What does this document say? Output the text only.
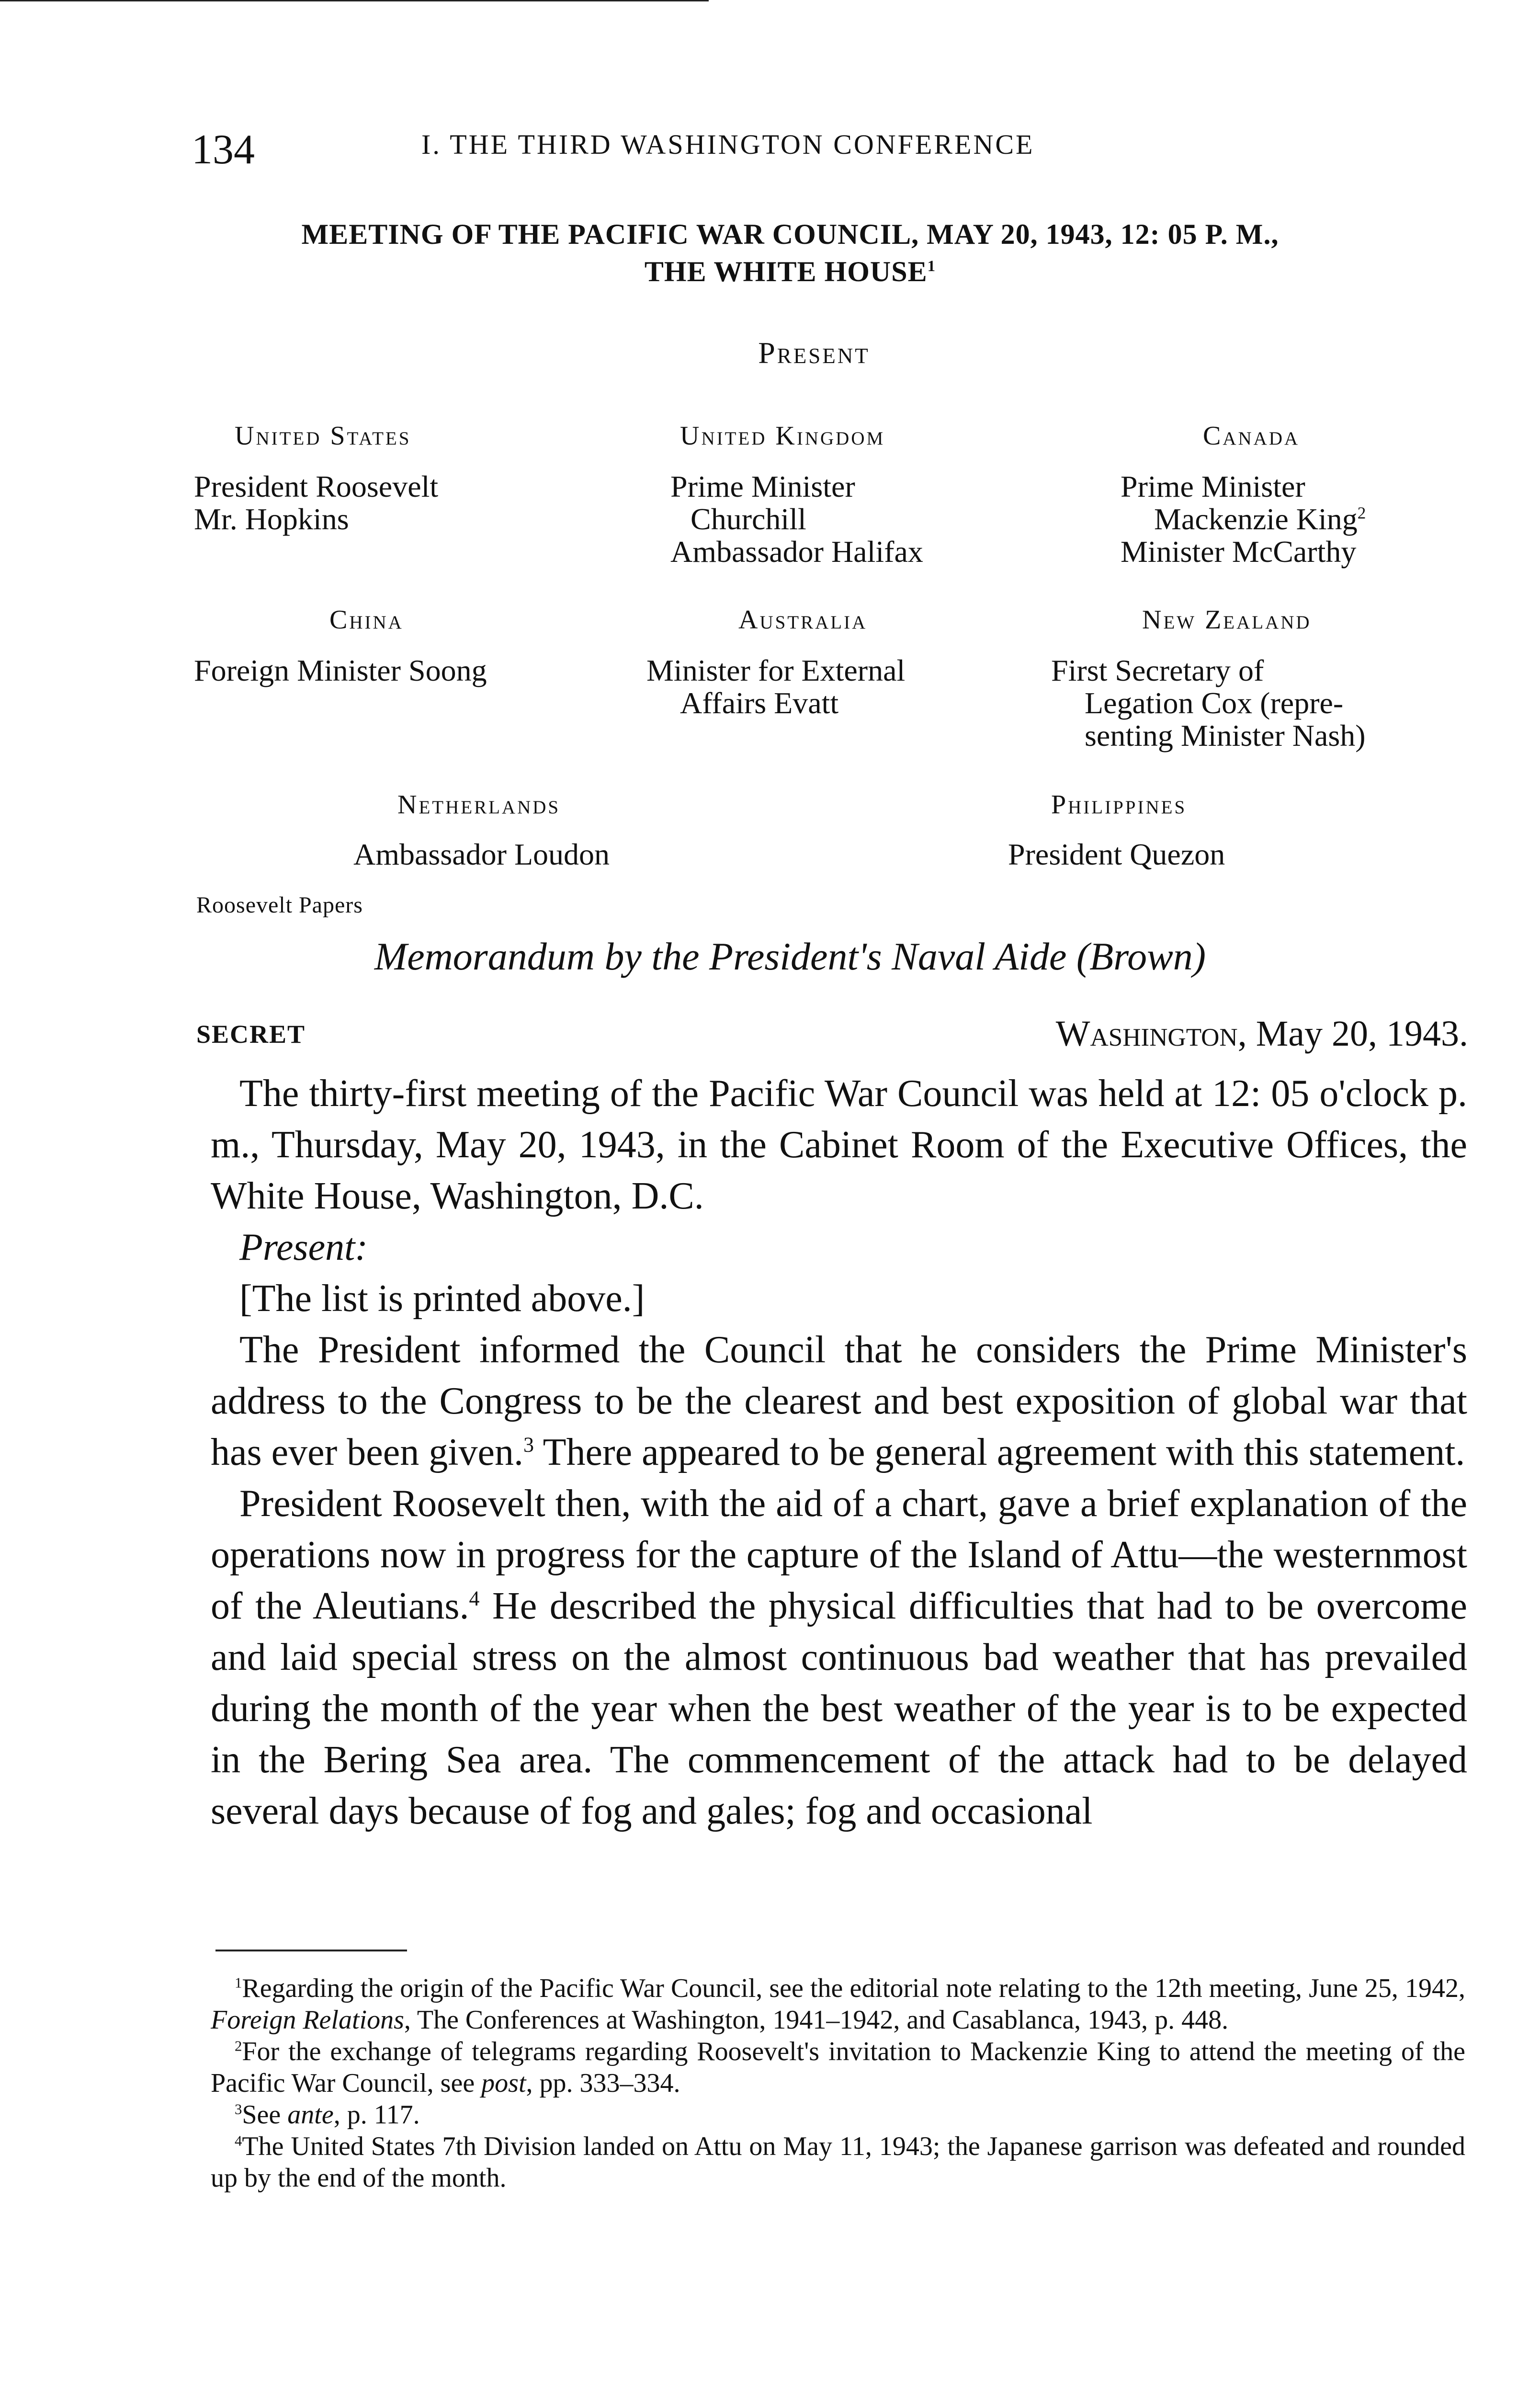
134	I. THE THIRD WASHINGTON CONFERENCE
MEETING OF THE PACIFIC WAR COUNCIL, MAY 20, 1943, 12: 05 P. M.,
THE WHITE HOUSE$^1$
Present
United States
President Roosevelt
Mr. Hopkins
United Kingdom
Prime Minister
Churchill
Ambassador Halifax
Canada
Prime Minister
Mackenzie King$^2$
Minister McCarthy
China
Foreign Minister Soong
Australia
Minister for External
Affairs Evatt
New Zealand
First Secretary of
Legation Cox (repre-
senting Minister Nash)
Netherlands
Ambassador Loudon
Philippines
President Quezon
Roosevelt Papers
Memorandum by the President's Naval Aide (Brown)
SECRET	Washington, May 20, 1943.

The thirty-first meeting of the Pacific War Council was held at 12: 05 o'clock p. m., Thursday, May 20, 1943, in the Cabinet Room of the Executive Offices, the White House, Washington, D.C.

Present:

[The list is printed above.]

The President informed the Council that he considers the Prime Minister's address to the Congress to be the clearest and best exposition of global war that has ever been given.$^3$ There appeared to be general agreement with this statement.

President Roosevelt then, with the aid of a chart, gave a brief explanation of the operations now in progress for the capture of the Island of Attu—the westernmost of the Aleutians.$^4$ He described the physical difficulties that had to be overcome and laid special stress on the almost continuous bad weather that has prevailed during the month of the year when the best weather of the year is to be expected in the Bering Sea area. The commencement of the attack had to be delayed several days because of fog and gales; fog and occasional

$^1$Regarding the origin of the Pacific War Council, see the editorial note relating to the 12th meeting, June 25, 1942, Foreign Relations, The Conferences at Washington, 1941–1942, and Casablanca, 1943, p. 448.

$^2$For the exchange of telegrams regarding Roosevelt's invitation to Mackenzie King to attend the meeting of the Pacific War Council, see post, pp. 333–334.

$^3$See ante, p. 117.

$^4$The United States 7th Division landed on Attu on May 11, 1943; the Japanese garrison was defeated and rounded up by the end of the month.
